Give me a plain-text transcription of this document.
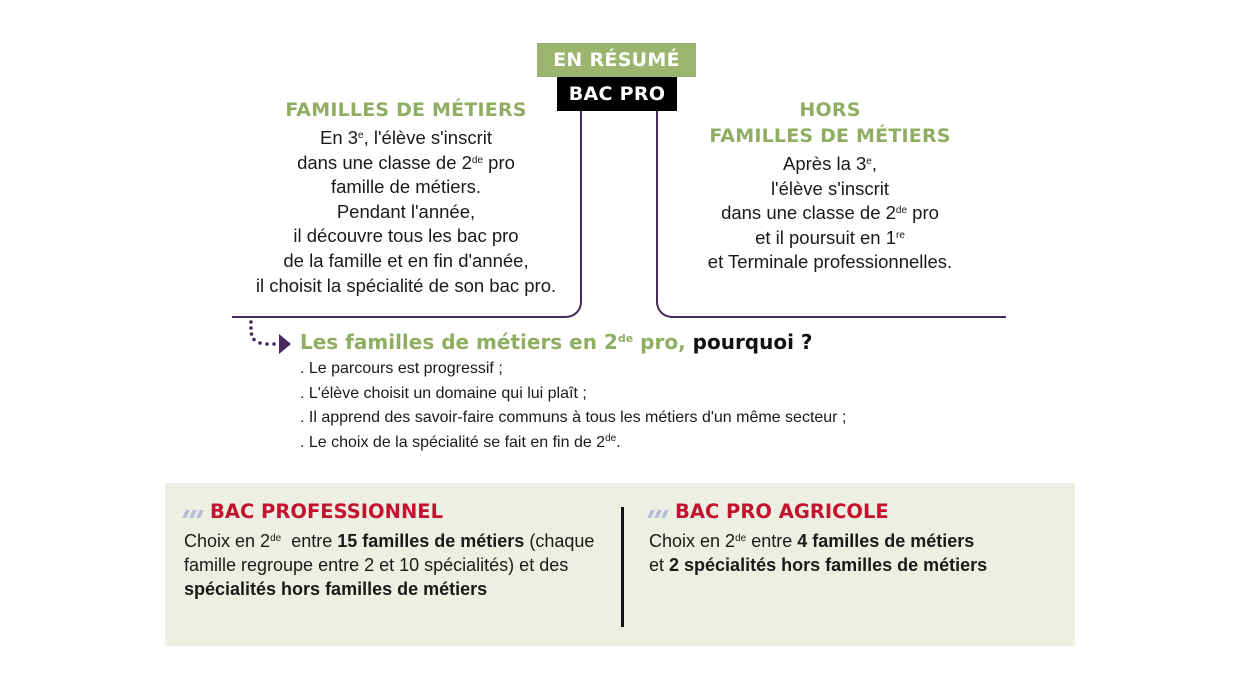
EN RÉSUMÉ
BAC PRO
FAMILLES DE MÉTIERS
En 3e, l'élève s'inscrit
dans une classe de 2de pro
famille de métiers.
Pendant l'année,
il découvre tous les bac pro
de la famille et en fin d'année,
il choisit la spécialité de son bac pro.
HORS
FAMILLES DE MÉTIERS
Après la 3e,
l'élève s'inscrit
dans une classe de 2de pro
et il poursuit en 1re
et Terminale professionnelles.
Les familles de métiers en 2de pro, pourquoi ?
. Le parcours est progressif ;
. L'élève choisit un domaine qui lui plaît ;
. Il apprend des savoir-faire communs à tous les métiers d'un même secteur ;
. Le choix de la spécialité se fait en fin de 2de.
BAC PROFESSIONNEL
Choix en 2de  entre 15 familles de métiers (chaque famille regroupe entre 2 et 10 spécialités) et des spécialités hors familles de métiers
BAC PRO AGRICOLE
Choix en 2de entre 4 familles de métiers
et 2 spécialités hors familles de métiers
